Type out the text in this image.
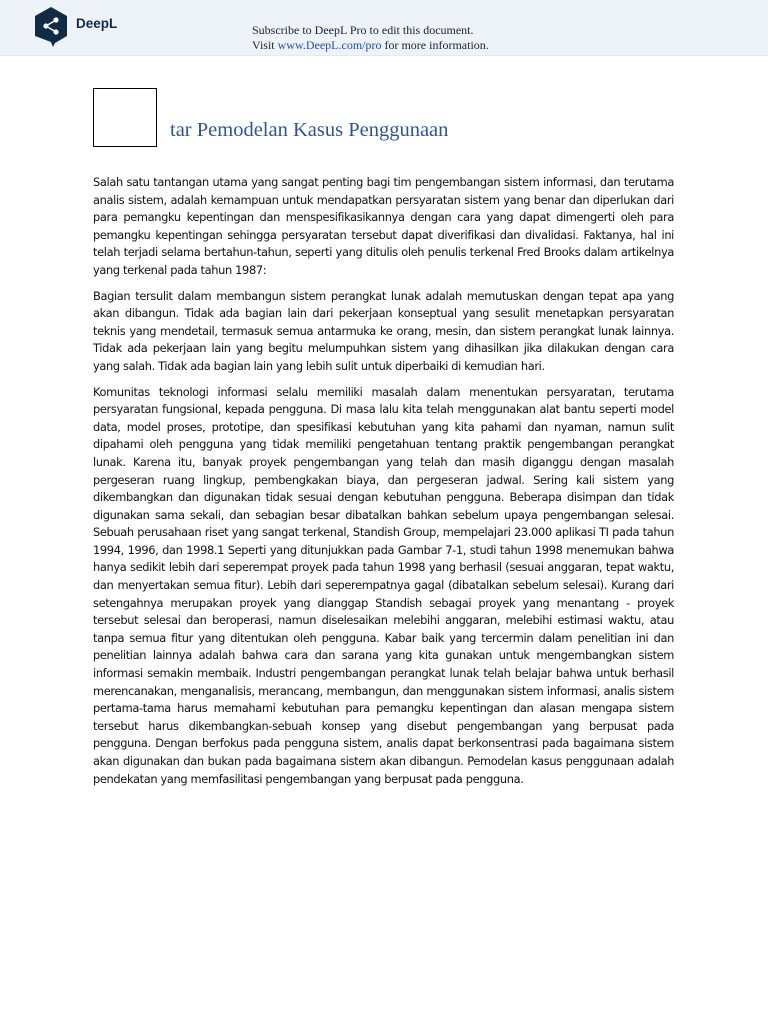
DeepL	Subscribe to DeepL Pro to edit this document.
Visit www.DeepL.com/pro for more information.
tar Pemodelan Kasus Penggunaan

Salah satu tantangan utama yang sangat penting bagi tim pengembangan sistem informasi, dan terutama analis sistem, adalah kemampuan untuk mendapatkan persyaratan sistem yang benar dan diperlukan dari para pemangku kepentingan dan menspesifikasikannya dengan cara yang dapat dimengerti oleh para pemangku kepentingan sehingga persyaratan tersebut dapat diverifikasi dan divalidasi. Faktanya, hal ini telah terjadi selama bertahun-tahun, seperti yang ditulis oleh penulis terkenal Fred Brooks dalam artikelnya yang terkenal pada tahun 1987:

Bagian tersulit dalam membangun sistem perangkat lunak adalah memutuskan dengan tepat apa yang akan dibangun. Tidak ada bagian lain dari pekerjaan konseptual yang sesulit menetapkan persyaratan teknis yang mendetail, termasuk semua antarmuka ke orang, mesin, dan sistem perangkat lunak lainnya. Tidak ada pekerjaan lain yang begitu melumpuhkan sistem yang dihasilkan jika dilakukan dengan cara yang salah. Tidak ada bagian lain yang lebih sulit untuk diperbaiki di kemudian hari.

Komunitas teknologi informasi selalu memiliki masalah dalam menentukan persyaratan, terutama persyaratan fungsional, kepada pengguna. Di masa lalu kita telah menggunakan alat bantu seperti model data, model proses, prototipe, dan spesifikasi kebutuhan yang kita pahami dan nyaman, namun sulit dipahami oleh pengguna yang tidak memiliki pengetahuan tentang praktik pengembangan perangkat lunak. Karena itu, banyak proyek pengembangan yang telah dan masih diganggu dengan masalah pergeseran ruang lingkup, pembengkakan biaya, dan pergeseran jadwal. Sering kali sistem yang dikembangkan dan digunakan tidak sesuai dengan kebutuhan pengguna. Beberapa disimpan dan tidak digunakan sama sekali, dan sebagian besar dibatalkan bahkan sebelum upaya pengembangan selesai. Sebuah perusahaan riset yang sangat terkenal, Standish Group, mempelajari 23.000 aplikasi TI pada tahun 1994, 1996, dan 1998.1 Seperti yang ditunjukkan pada Gambar 7-1, studi tahun 1998 menemukan bahwa hanya sedikit lebih dari seperempat proyek pada tahun 1998 yang berhasil (sesuai anggaran, tepat waktu, dan menyertakan semua fitur). Lebih dari seperempatnya gagal (dibatalkan sebelum selesai). Kurang dari setengahnya merupakan proyek yang dianggap Standish sebagai proyek yang menantang - proyek tersebut selesai dan beroperasi, namun diselesaikan melebihi anggaran, melebihi estimasi waktu, atau tanpa semua fitur yang ditentukan oleh pengguna. Kabar baik yang tercermin dalam penelitian ini dan penelitian lainnya adalah bahwa cara dan sarana yang kita gunakan untuk mengembangkan sistem informasi semakin membaik. Industri pengembangan perangkat lunak telah belajar bahwa untuk berhasil merencanakan, menganalisis, merancang, membangun, dan menggunakan sistem informasi, analis sistem pertama-tama harus memahami kebutuhan para pemangku kepentingan dan alasan mengapa sistem tersebut harus dikembangkan-sebuah konsep yang disebut pengembangan yang berpusat pada pengguna. Dengan berfokus pada pengguna sistem, analis dapat berkonsentrasi pada bagaimana sistem akan digunakan dan bukan pada bagaimana sistem akan dibangun. Pemodelan kasus penggunaan adalah pendekatan yang memfasilitasi pengembangan yang berpusat pada pengguna.
